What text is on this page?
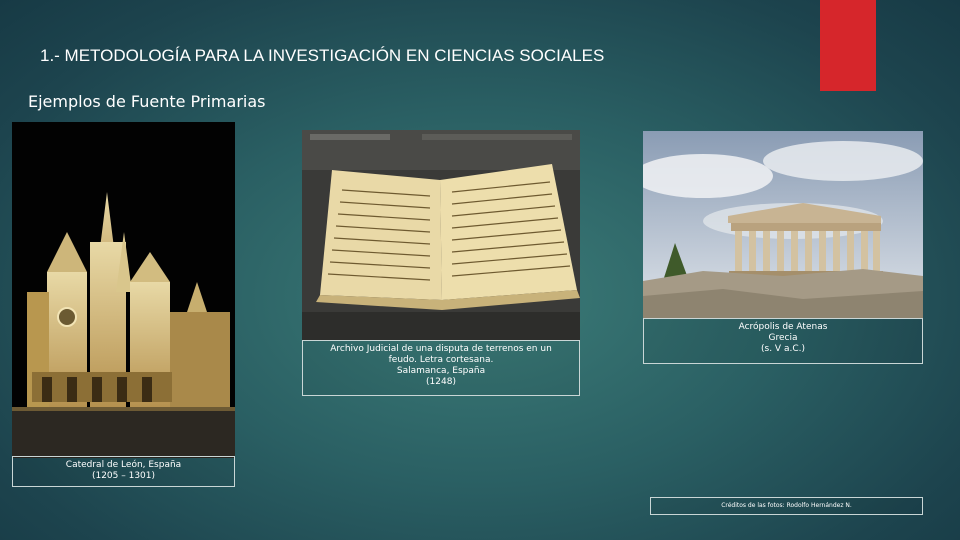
1.- METODOLOGÍA PARA LA INVESTIGACIÓN EN CIENCIAS SOCIALES
Ejemplos de Fuente Primarias
Archivo Judicial de una disputa de terrenos en un
feudo. Letra cortesana.
Salamanca, España
(1248)
Acrópolis de Atenas
Grecia
(s. V a.C.)
Catedral de León, España
(1205 – 1301)
Créditos de las fotos: Rodolfo Hernández N.
